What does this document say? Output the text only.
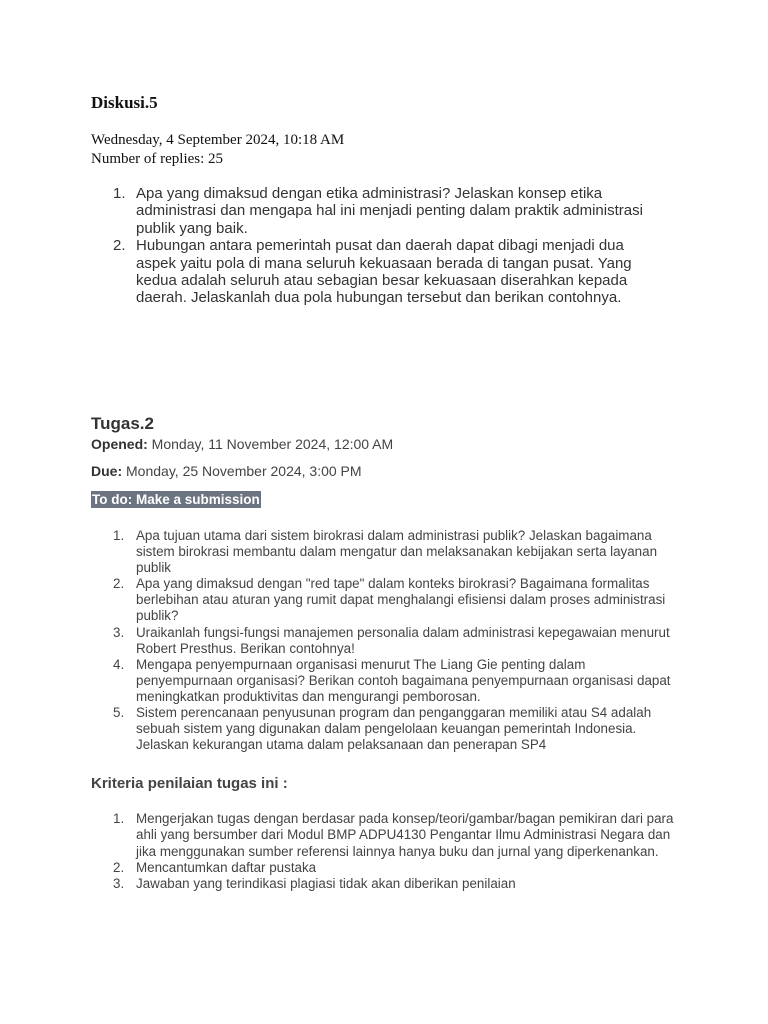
Diskusi.5
Wednesday, 4 September 2024, 10:18 AM
Number of replies: 25
1. Apa yang dimaksud dengan etika administrasi? Jelaskan konsep etika administrasi dan mengapa hal ini menjadi penting dalam praktik administrasi publik yang baik.
2. Hubungan antara pemerintah pusat dan daerah dapat dibagi menjadi dua aspek yaitu pola di mana seluruh kekuasaan berada di tangan pusat. Yang kedua adalah seluruh atau sebagian besar kekuasaan diserahkan kepada daerah. Jelaskanlah dua pola hubungan tersebut dan berikan contohnya.
Tugas.2
Opened: Monday, 11 November 2024, 12:00 AM
Due: Monday, 25 November 2024, 3:00 PM
To do: Make a submission
1. Apa tujuan utama dari sistem birokrasi dalam administrasi publik? Jelaskan bagaimana sistem birokrasi membantu dalam mengatur dan melaksanakan kebijakan serta layanan publik
2. Apa yang dimaksud dengan "red tape" dalam konteks birokrasi? Bagaimana formalitas berlebihan atau aturan yang rumit dapat menghalangi efisiensi dalam proses administrasi publik?
3. Uraikanlah fungsi-fungsi manajemen personalia dalam administrasi kepegawaian menurut Robert Presthus. Berikan contohnya!
4. Mengapa penyempurnaan organisasi menurut The Liang Gie penting dalam penyempurnaan organisasi? Berikan contoh bagaimana penyempurnaan organisasi dapat meningkatkan produktivitas dan mengurangi pemborosan.
5. Sistem perencanaan penyusunan program dan penganggaran memiliki atau S4 adalah sebuah sistem yang digunakan dalam pengelolaan keuangan pemerintah Indonesia. Jelaskan kekurangan utama dalam pelaksanaan dan penerapan SP4
Kriteria penilaian tugas ini :
1. Mengerjakan tugas dengan berdasar pada konsep/teori/gambar/bagan pemikiran dari para ahli yang bersumber dari Modul BMP ADPU4130 Pengantar Ilmu Administrasi Negara dan jika menggunakan sumber referensi lainnya hanya buku dan jurnal yang diperkenankan.
2. Mencantumkan daftar pustaka
3. Jawaban yang terindikasi plagiasi tidak akan diberikan penilaian
